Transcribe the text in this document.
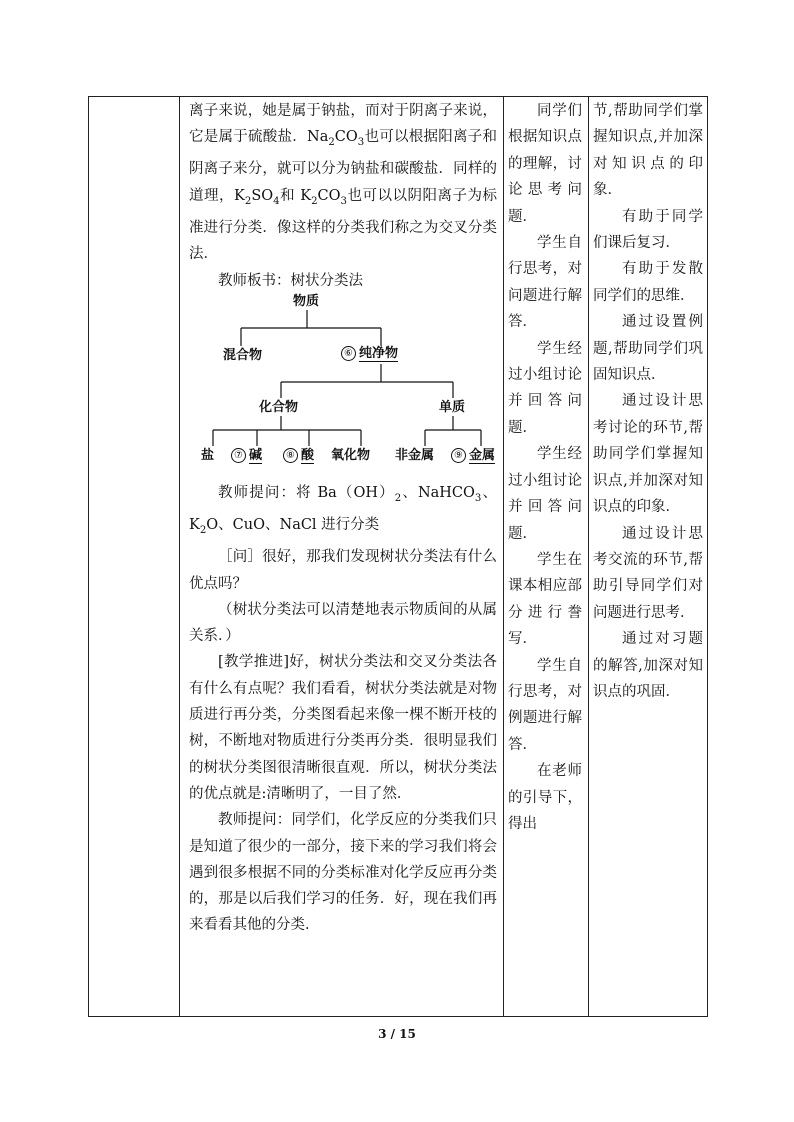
离子来说，她是属于钠盐，而对于阴离子来说，它是属于硫酸盐．$Na_2CO_3$也可以根据阳离子和阴离子来分，就可以分为钠盐和碳酸盐．同样的道理，$K_2SO_4$和 $K_2CO_3$也可以以阴阳离子为标准进行分类．像这样的分类我们称之为交叉分类法．

教师板书：树状分类法

物质
混合物	⑥ 纯净物
化合物	单质
盐	⑦ 碱	⑧ 酸 氧化物 非金属	⑨ 金属

教师提问：将 $Ba(OH)_2$、NaHCO$_3$、$K_2O$、CuO、NaCl 进行分类

［问］很好，那我们发现树状分类法有什么优点吗？

（树状分类法可以清楚地表示物质间的从属关系．）

[教学推进]好，树状分类法和交叉分类法各有什么有点呢？我们看看，树状分类法就是对物质进行再分类，分类图看起来像一棵不断开枝的树，不断地对物质进行分类再分类．很明显我们的树状分类图很清晰很直观．所以，树状分类法的优点就是:清晰明了，一目了然．

教师提问：同学们，化学反应的分类我们只是知道了很少的一部分，接下来的学习我们将会遇到很多根据不同的分类标准对化学反应再分类的，那是以后我们学习的任务．好，现在我们再来看看其他的分类．

同学们根据知识点的理解，讨论思考问题．

学生自行思考，对问题进行解答．

学生经过小组讨论并回答问题．

学生经过小组讨论并回答问题．

学生在课本相应部分进行誊写．

学生自行思考，对例题进行解答．

在老师的引导下，得出

节,帮助同学们掌握知识点,并加深对知识点的印象．

有助于同学们课后复习．

有助于发散同学们的思维．

通过设置例题,帮助同学们巩固知识点．

通过设计思考讨论的环节,帮助同学们掌握知识点,并加深对知识点的印象．

通过设计思考交流的环节,帮助引导同学们对问题进行思考．

通过对习题的解答,加深对知识点的巩固．

3 / 15
